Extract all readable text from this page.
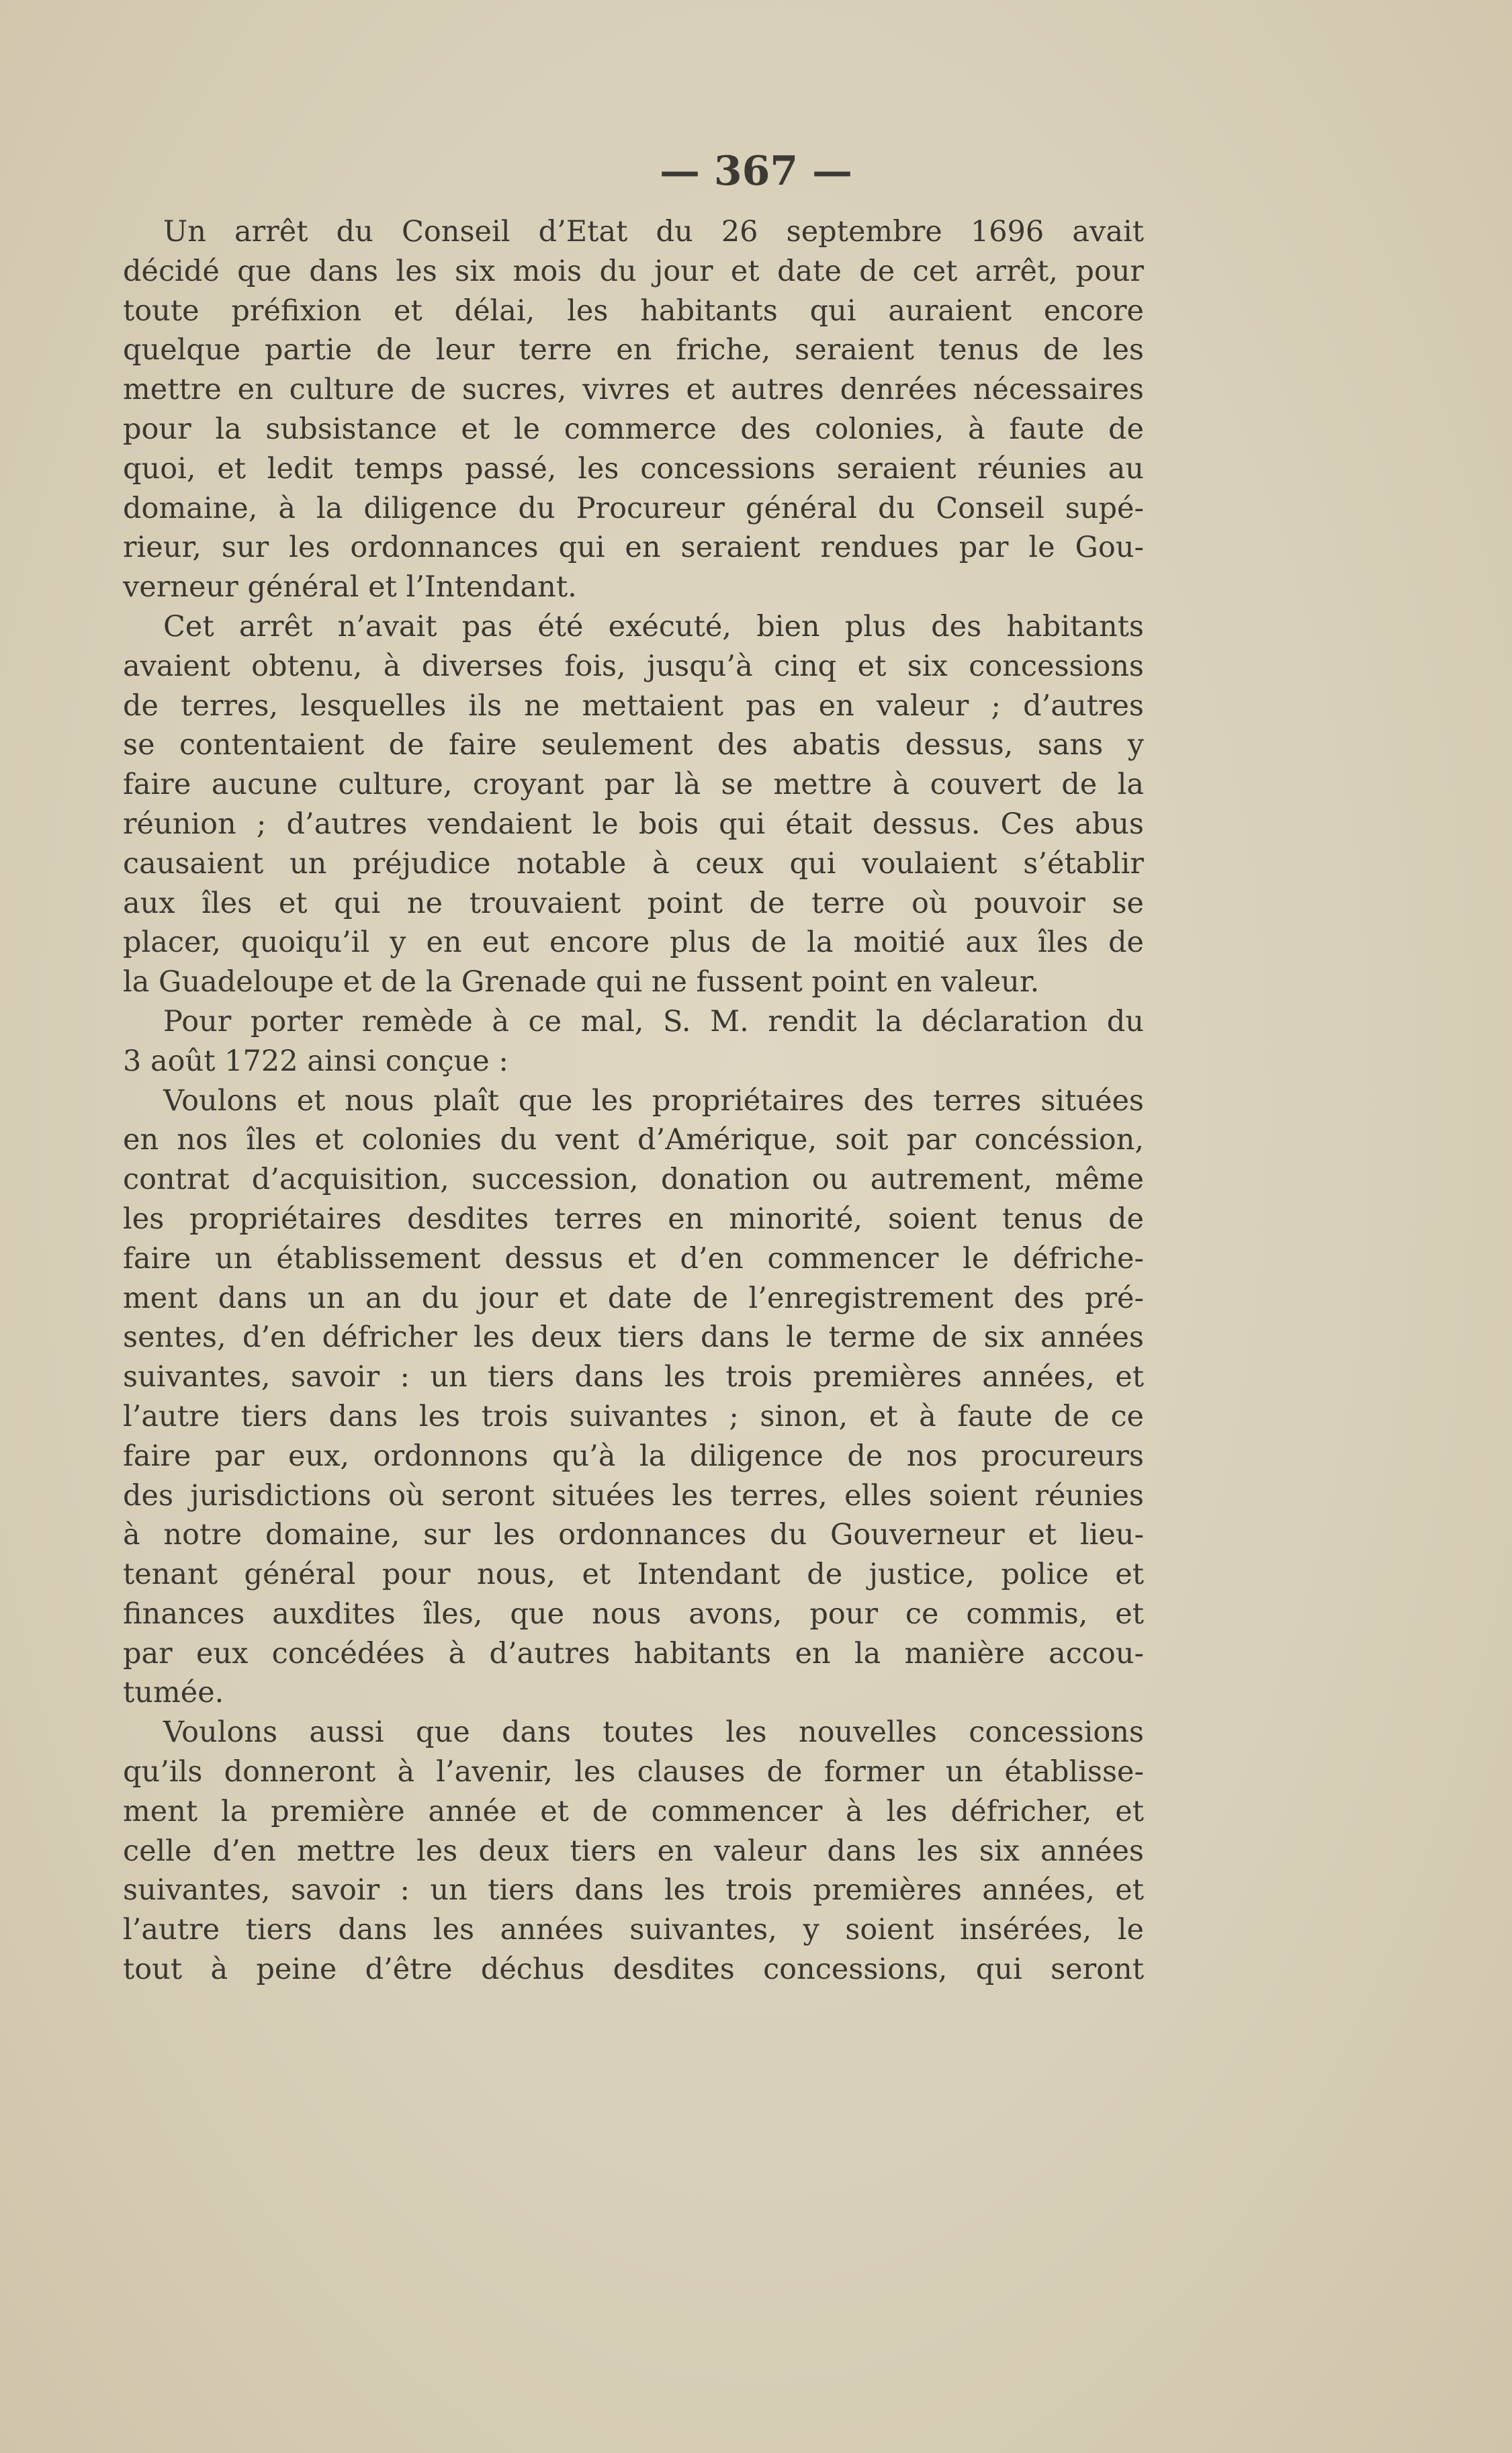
— 367 —
Un arrêt du Conseil d’Etat du 26 septembre 1696 avait
décidé que dans les six mois du jour et date de cet arrêt, pour
toute préfixion et délai, les habitants qui auraient encore
quelque partie de leur terre en friche, seraient tenus de les
mettre en culture de sucres, vivres et autres denrées nécessaires
pour la subsistance et le commerce des colonies, à faute de
quoi, et ledit temps passé, les concessions seraient réunies au
domaine, à la diligence du Procureur général du Conseil supé-
rieur, sur les ordonnances qui en seraient rendues par le Gou-
verneur général et l’Intendant.
Cet arrêt n’avait pas été exécuté, bien plus des habitants
avaient obtenu, à diverses fois, jusqu’à cinq et six concessions
de terres, lesquelles ils ne mettaient pas en valeur ; d’autres
se contentaient de faire seulement des abatis dessus, sans y
faire aucune culture, croyant par là se mettre à couvert de la
réunion ; d’autres vendaient le bois qui était dessus. Ces abus
causaient un préjudice notable à ceux qui voulaient s’établir
aux îles et qui ne trouvaient point de terre où pouvoir se
placer, quoiqu’il y en eut encore plus de la moitié aux îles de
la Guadeloupe et de la Grenade qui ne fussent point en valeur.
Pour porter remède à ce mal, S. M. rendit la déclaration du
3 août 1722 ainsi conçue :
Voulons et nous plaît que les propriétaires des terres situées
en nos îles et colonies du vent d’Amérique, soit par concéssion,
contrat d’acquisition, succession, donation ou autrement, même
les propriétaires desdites terres en minorité, soient tenus de
faire un établissement dessus et d’en commencer le défriche-
ment dans un an du jour et date de l’enregistrement des pré-
sentes, d’en défricher les deux tiers dans le terme de six années
suivantes, savoir : un tiers dans les trois premières années, et
l’autre tiers dans les trois suivantes ; sinon, et à faute de ce
faire par eux, ordonnons qu’à la diligence de nos procureurs
des jurisdictions où seront situées les terres, elles soient réunies
à notre domaine, sur les ordonnances du Gouverneur et lieu-
tenant général pour nous, et Intendant de justice, police et
finances auxdites îles, que nous avons, pour ce commis, et
par eux concédées à d’autres habitants en la manière accou-
tumée.
Voulons aussi que dans toutes les nouvelles concessions
qu’ils donneront à l’avenir, les clauses de former un établisse-
ment la première année et de commencer à les défricher, et
celle d’en mettre les deux tiers en valeur dans les six années
suivantes, savoir : un tiers dans les trois premières années, et
l’autre tiers dans les années suivantes, y soient insérées, le
tout à peine d’être déchus desdites concessions, qui seront
